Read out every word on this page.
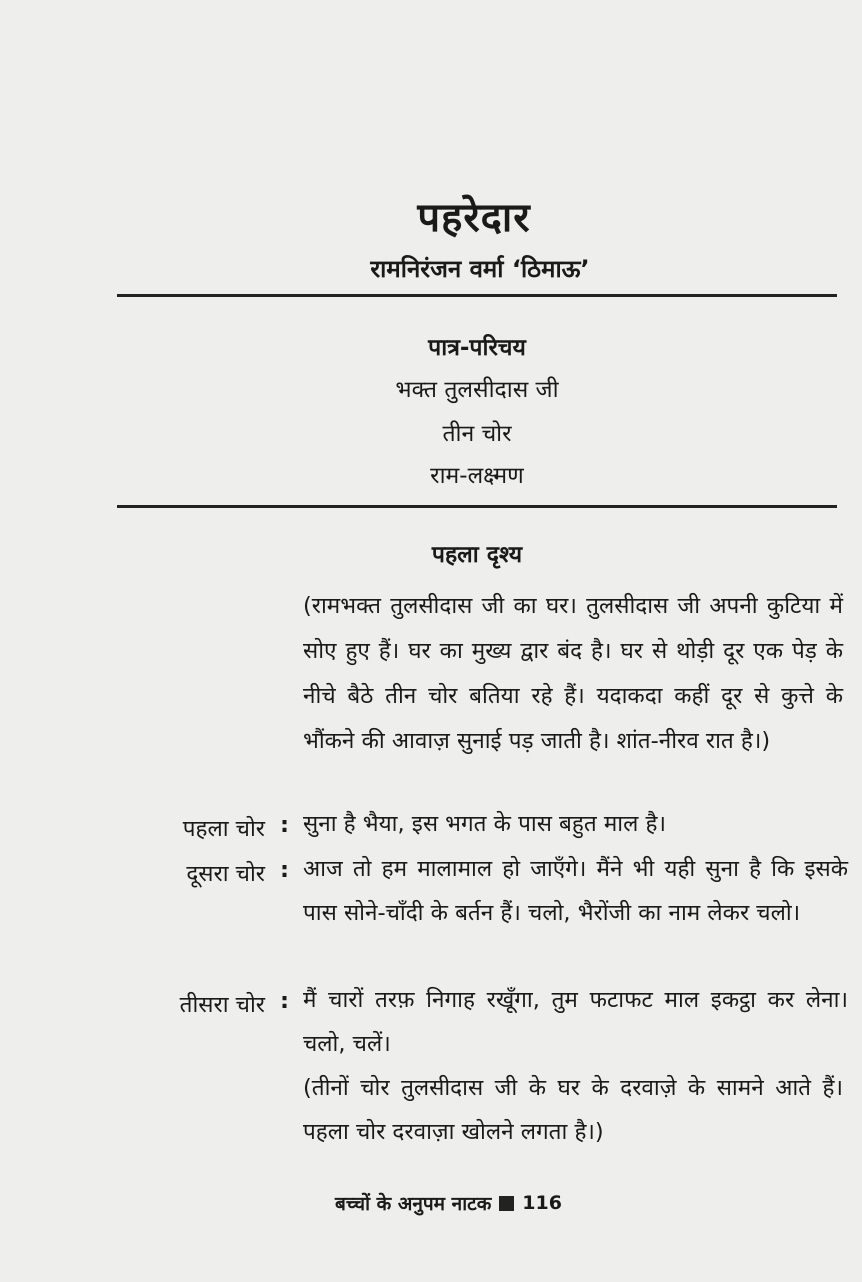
पहरेदार
रामनिरंजन वर्मा ‘ठिमाऊ’
पात्र-परिचय
भक्त तुलसीदास जी
तीन चोर
राम-लक्ष्मण
पहला दृश्य
(रामभक्त तुलसीदास जी का घर। तुलसीदास जी अपनी कुटिया में सोए हुए हैं। घर का मुख्य द्वार बंद है। घर से थोड़ी दूर एक पेड़ के नीचे बैठे तीन चोर बतिया रहे हैं। यदाकदा कहीं दूर से कुत्ते के भौंकने की आवाज़ सुनाई पड़ जाती है। शांत-नीरव रात है।)
पहला चोर : सुना है भैया, इस भगत के पास बहुत माल है।
दूसरा चोर : आज तो हम मालामाल हो जाएँगे। मैंने भी यही सुना है कि इसके पास सोने-चाँदी के बर्तन हैं। चलो, भैरोंजी का नाम लेकर चलो।
तीसरा चोर : मैं चारों तरफ़ निगाह रखूँगा, तुम फटाफट माल इकट्ठा कर लेना। चलो, चलें।
(तीनों चोर तुलसीदास जी के घर के दरवाज़े के सामने आते हैं। पहला चोर दरवाज़ा खोलने लगता है।)
बच्चों के अनुपम नाटक 116
